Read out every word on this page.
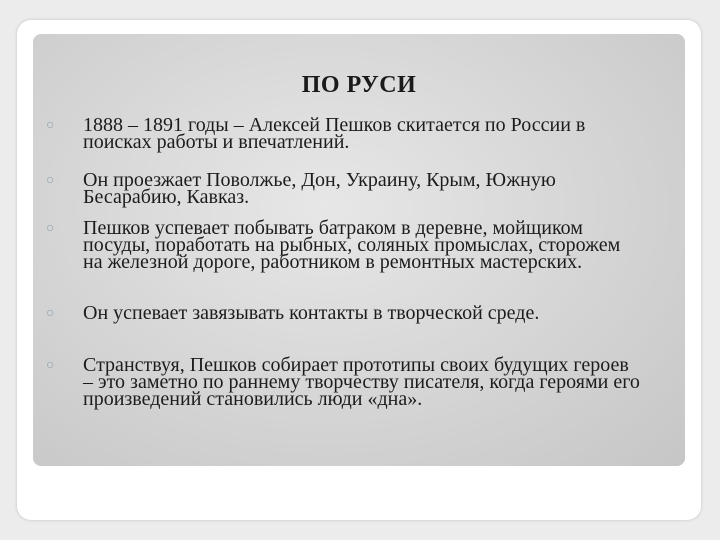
ПО РУСИ
○	1888 – 1891 годы – Алексей Пешков скитается по России в поисках работы и впечатлений.
○	Он проезжает Поволжье, Дон, Украину, Крым, Южную Бесарабию, Кавказ.
○	Пешков успевает побывать батраком в деревне, мойщиком посуды, поработать на рыбных, соляных промыслах, сторожем на железной дороге, работником в ремонтных мастерских.
○	Он успевает завязывать контакты в творческой среде.
○	Странствуя, Пешков собирает прототипы своих будущих героев – это заметно по раннему творчеству писателя, когда героями его произведений становились люди «дна».
